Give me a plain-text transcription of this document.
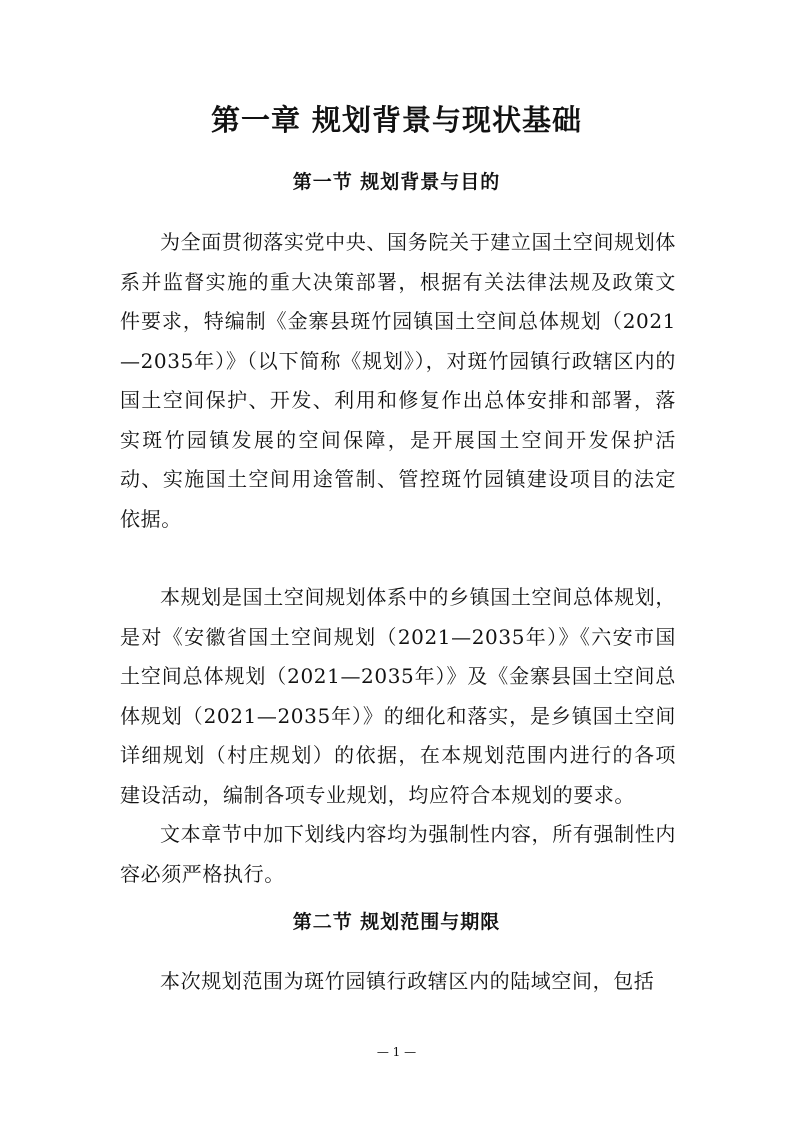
第一章 规划背景与现状基础
第一节 规划背景与目的

为全面贯彻落实党中央、国务院关于建立国土空间规划体系并监督实施的重大决策部署，根据有关法律法规及政策文件要求，特编制《金寨县斑竹园镇国土空间总体规划（2021—2035年）》（以下简称《规划》），对斑竹园镇行政辖区内的国土空间保护、开发、利用和修复作出总体安排和部署，落实斑竹园镇发展的空间保障，是开展国土空间开发保护活动、实施国土空间用途管制、管控斑竹园镇建设项目的法定依据。

本规划是国土空间规划体系中的乡镇国土空间总体规划，是对《安徽省国土空间规划（2021—2035年）》《六安市国土空间总体规划（2021—2035年）》及《金寨县国土空间总体规划（2021—2035年）》的细化和落实，是乡镇国土空间详细规划（村庄规划）的依据，在本规划范围内进行的各项建设活动，编制各项专业规划，均应符合本规划的要求。

文本章节中加下划线内容均为强制性内容，所有强制性内容必须严格执行。

第二节 规划范围与期限

本次规划范围为斑竹园镇行政辖区内的陆域空间，包括

— 1 —
